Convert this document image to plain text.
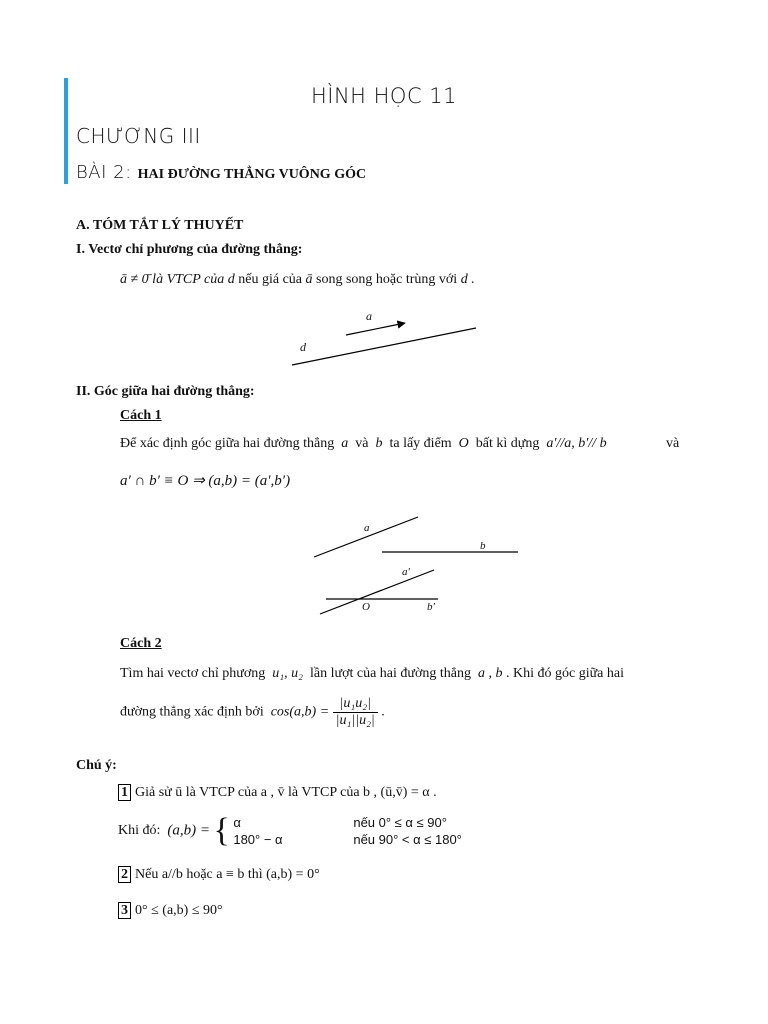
HÌNH HỌC 11
CHƯƠNG III
BÀI 2: HAI ĐƯỜNG THẲNG VUÔNG GÓC
A. TÓM TẮT LÝ THUYẾT
I. Vectơ chỉ phương của đường thẳng:
ā ≠ 0̄ là VTCP của d nếu giá của ā song song hoặc trùng với d .
a
d
II. Góc giữa hai đường thẳng:
Cách 1
Để xác định góc giữa hai đường thẳng a và b ta lấy điểm O bất kì dựng a′//a, b′// b	và
a′ ∩ b′ ≡ O ⇒ (a,b) = (a′,b′)
a
b
a′
O	b′
Cách 2
Tìm hai vectơ chỉ phương u₁, u₂ lần lượt của hai đường thẳng a , b . Khi đó góc giữa hai
đường thẳng xác định bởi $\cos(a,b) = \frac{\text{|u₁u₂|}}{\text{|u₁||u₂|}}$ .
Chú ý:
1 Giả sử ū là VTCP của a , v̄ là VTCP của b , (ū,v̄) = α .
Khi đó: (a,b) = { α	nếu 0° ≤ α ≤ 90°
180° − α	nếu 90° < α ≤ 180°
2 Nếu a//b hoặc a ≡ b thì (a,b) = 0°
3 0° ≤ (a,b) ≤ 90°
